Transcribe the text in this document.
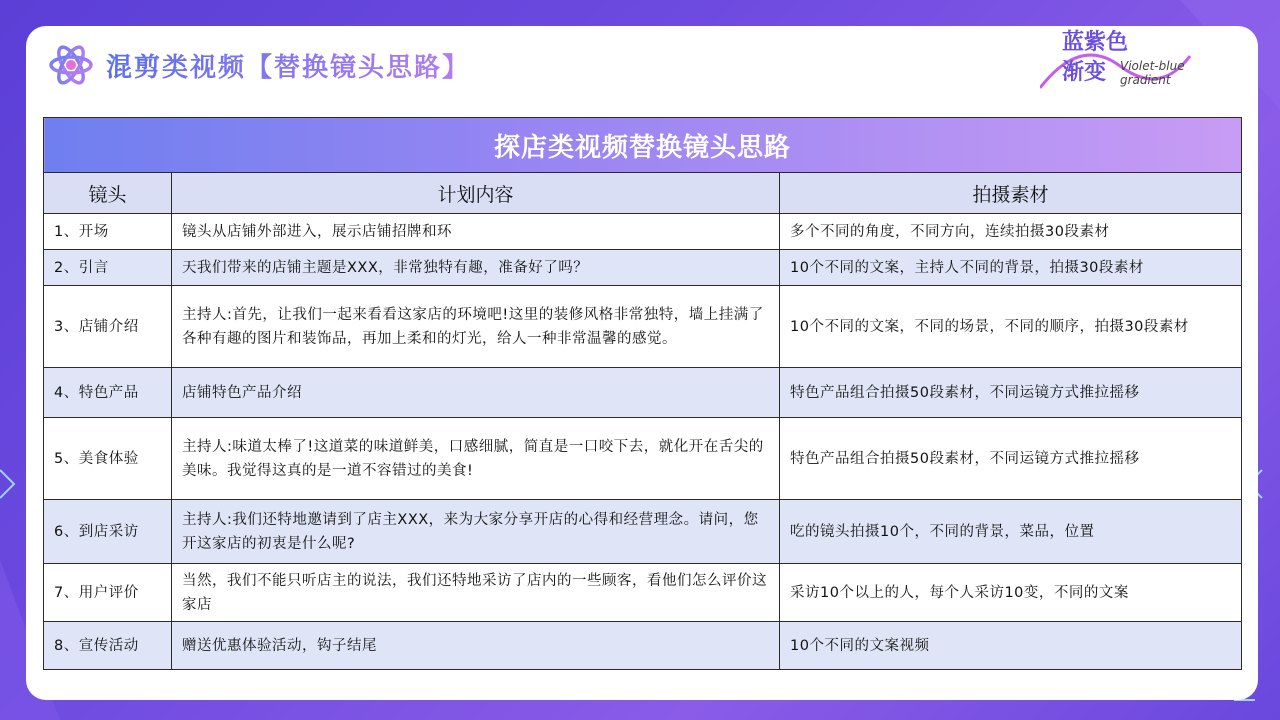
混剪类视频【替换镜头思路】
蓝紫色
渐变 Violet-blue
gradient
探店类视频替换镜头思路		
镜头	计划内容	拍摄素材
1、开场	镜头从店铺外部进入，展示店铺招牌和环	多个不同的角度，不同方向，连续拍摄30段素材
2、引言	天我们带来的店铺主题是XXX，非常独特有趣，准备好了吗？	10个不同的文案，主持人不同的背景，拍摄30段素材
3、店铺介绍	主持人:首先，让我们一起来看看这家店的环境吧!这里的装修风格非常独特，墙上挂满了各种有趣的图片和装饰品，再加上柔和的灯光，给人一种非常温馨的感觉。	10个不同的文案，不同的场景，不同的顺序，拍摄30段素材
4、特色产品	店铺特色产品介绍	特色产品组合拍摄50段素材，不同运镜方式推拉摇移
5、美食体验	主持人:味道太棒了!这道菜的味道鲜美，口感细腻，简直是一口咬下去，就化开在舌尖的美味。我觉得这真的是一道不容错过的美食!	特色产品组合拍摄50段素材，不同运镜方式推拉摇移
6、到店采访	主持人:我们还特地邀请到了店主XXX，来为大家分享开店的心得和经营理念。请问，您开这家店的初衷是什么呢?	吃的镜头拍摄10个，不同的背景，菜品，位置
7、用户评价	当然，我们不能只听店主的说法，我们还特地采访了店内的一些顾客，看他们怎么评价这家店	采访10个以上的人，每个人采访10变，不同的文案
8、宣传活动	赠送优惠体验活动，钩子结尾	10个不同的文案视频
